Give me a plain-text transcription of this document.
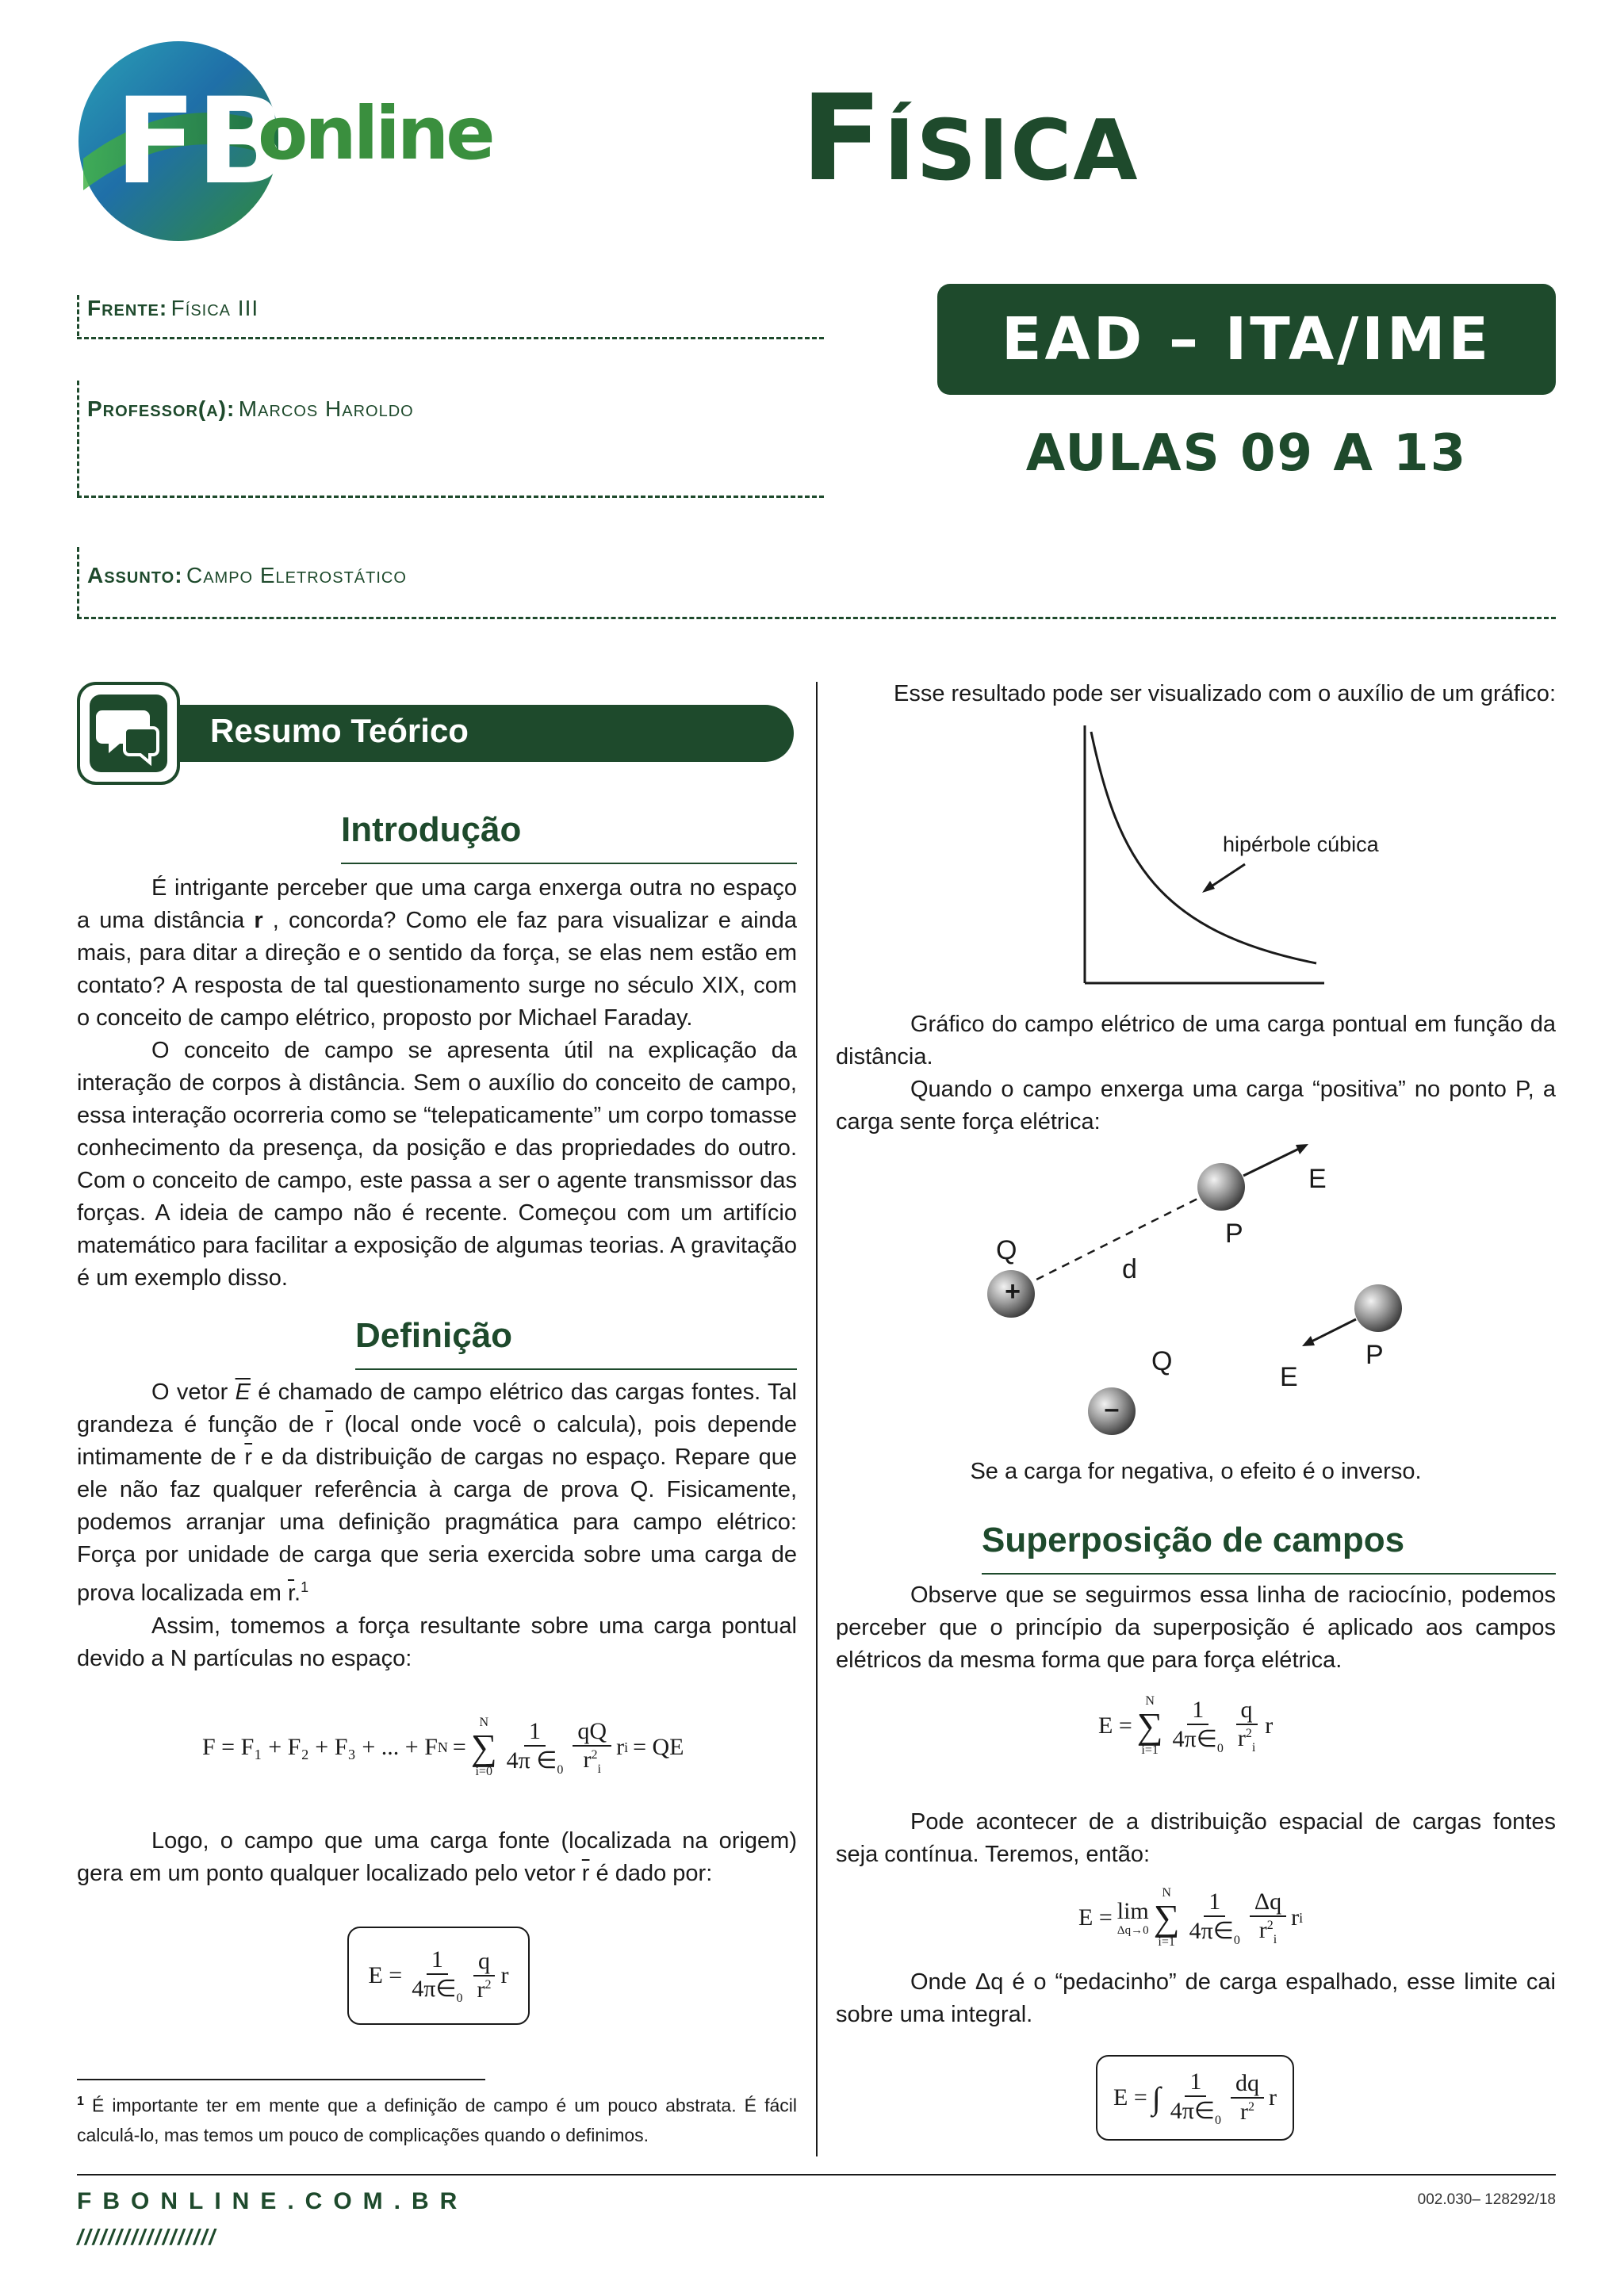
FB
online	Física
Frente: Física III
Professor(a): Marcos Haroldo
EAD – ITA/IME
AULAS 09 A 13
Assunto: Campo Eletrostático
Resumo Teórico
Introdução

É intrigante perceber que uma carga enxerga outra no espaço a uma distância r , concorda? Como ele faz para visualizar e ainda mais, para ditar a direção e o sentido da força, se elas nem estão em contato? A resposta de tal questionamento surge no século XIX, com o conceito de campo elétrico, proposto por Michael Faraday.

O conceito de campo se apresenta útil na explicação da interação de corpos à distância. Sem o auxílio do conceito de campo, essa interação ocorreria como se “telepaticamente” um corpo tomasse conhecimento da presença, da posição e das propriedades do outro. Com o conceito de campo, este passa a ser o agente transmissor das forças. A ideia de campo não é recente. Começou com um artifício matemático para facilitar a exposição de algumas teorias. A gravitação é um exemplo disso.

Definição

O vetor $\overline{E}$ é chamado de campo elétrico das cargas fontes. Tal grandeza é função de $\overline{r}$ (local onde você o calcula), pois depende intimamente de $\overline{r}$ e da distribuição de cargas no espaço. Repare que ele não faz qualquer referência à carga de prova Q. Fisicamente, podemos arranjar uma definição pragmática para campo elétrico: Força por unidade de carga que seria exercida sobre uma carga de prova localizada em $\overline{r}.^1$

Assim, tomemos a força resultante sobre uma carga pontual devido a N partículas no espaço:

F = F₁ + F₂ + F₃ + ... + F N =
N
∑
$i=0 \frac{1}{4\pi \in_0} \frac{qQ}{r^2_i}$ r i = QE

Logo, o campo que uma carga fonte (localizada na origem) gera em um ponto qualquer localizado pelo vetor $\overline{r}$ é dado por:

$E = \frac{1}{4\pi\in_0} \frac{q}{r^2}$ r
$^1$ É importante ter em mente que a definição de campo é um pouco abstrata. É fácil calculá-lo, mas temos um pouco de complicações quando o definimos.
Esse resultado pode ser visualizado com o auxílio de um gráfico:
hipérbole cúbica

Gráfico do campo elétrico de uma carga pontual em função da distância.

Quando o campo enxerga uma carga “positiva” no ponto P, a carga sente força elétrica:

E
P
Q
d
+
Q
–
E
P
Se a carga for negativa, o efeito é o inverso.
Superposição de campos

Observe que se seguirmos essa linha de raciocínio, podemos perceber que o princípio da superposição é aplicado aos campos elétricos da mesma forma que para força elétrica.

E =
N
∑
$i=1 \frac{1}{4\pi\in_0} \frac{q}{r^2_i}$ r

Pode acontecer de a distribuição espacial de cargas fontes seja contínua. Teremos, então:

E = lim
Δq→0
N
∑
$i=1 \frac{1}{4\pi\in_0} \frac{\Delta q}{r^2_i}$ r i

Onde Δq é o “pedacinho” de carga espalhado, esse limite cai sobre uma integral.

E = ∫ $\frac{1}{4\pi\in_0} \frac{dq}{r^2}$ r
FBONLINE.COM.BR
//////////////////
002.030– 128292/18
